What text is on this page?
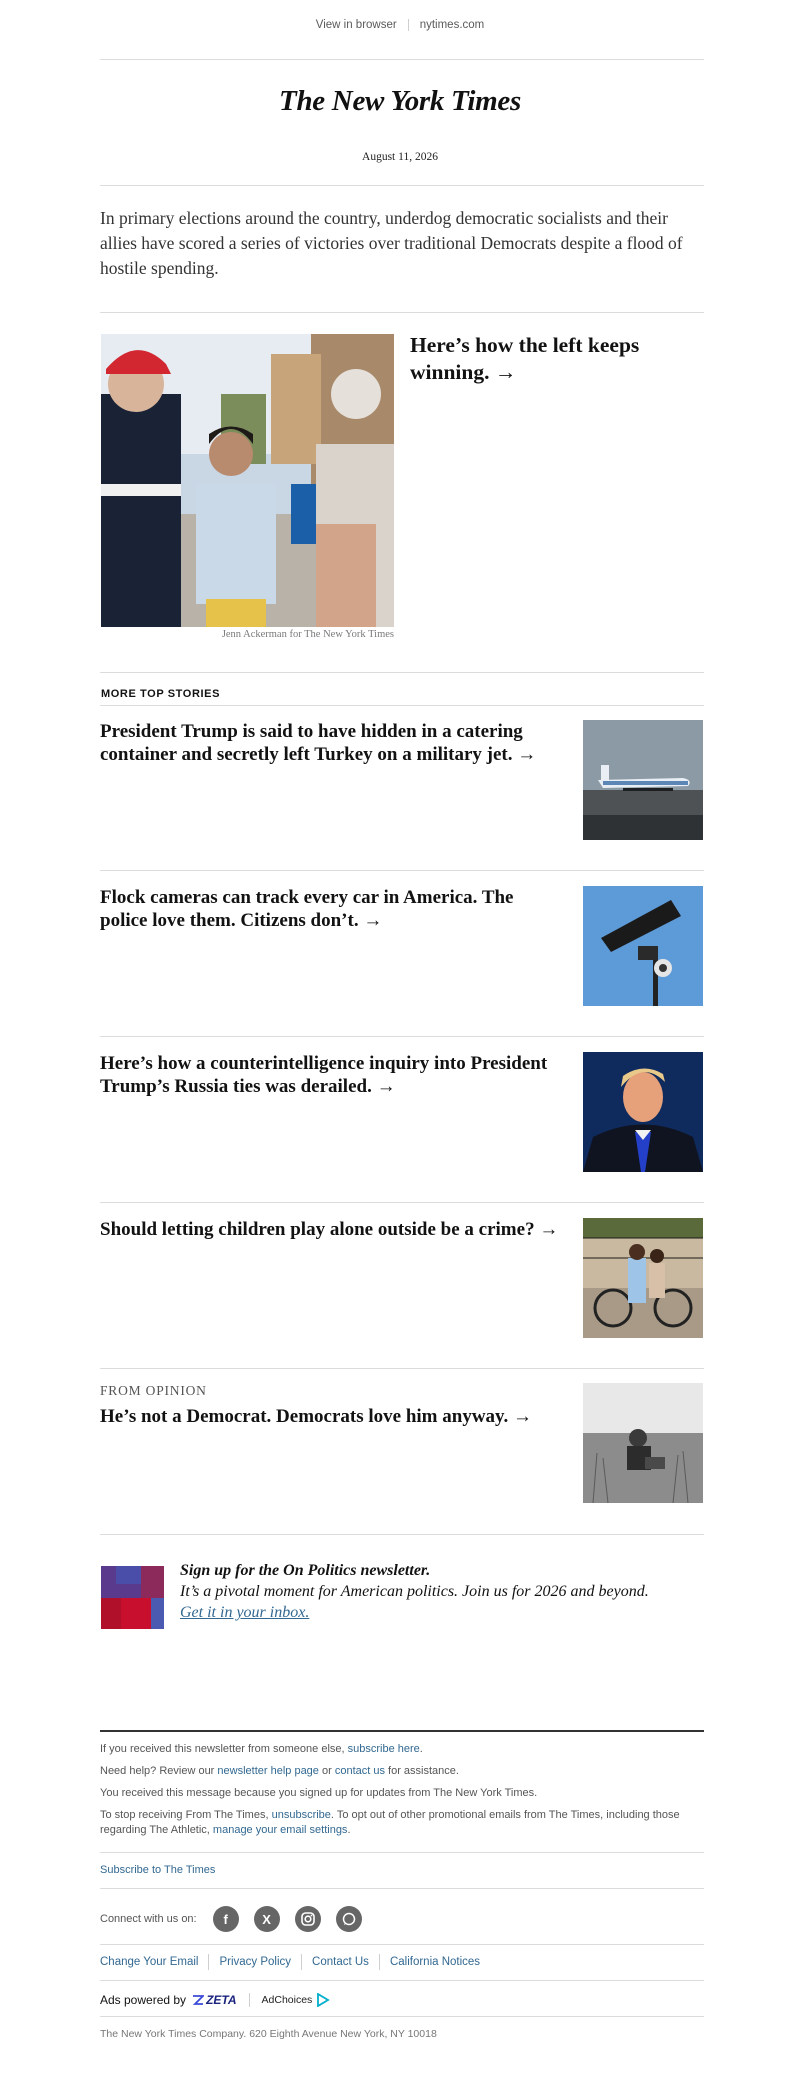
View in browser nytimes.com
The New York Times
August 11, 2026
In primary elections around the country, underdog democratic socialists and their allies have scored a series of victories over traditional Democrats despite a flood of hostile spending.
Jenn Ackerman for The New York Times
Here’s how the left keeps winning. →
MORE TOP STORIES
President Trump is said to have hidden in a catering container and secretly left Turkey on a military jet. →
Flock cameras can track every car in America. The police love them. Citizens don’t. →
Here’s how a counterintelligence inquiry into President Trump’s Russia ties was derailed. →
Should letting children play alone outside be a crime? →
FROM OPINION
He’s not a Democrat. Democrats love him anyway. →
Sign up for the On Politics newsletter.
It’s a pivotal moment for American politics. Join us for 2026 and beyond.
Get it in your inbox.
If you received this newsletter from someone else, subscribe here.
Need help? Review our newsletter help page or contact us for assistance.
You received this message because you signed up for updates from The New York Times.
To stop receiving From The Times, unsubscribe. To opt out of other promotional emails from The Times, including those regarding The Athletic, manage your email settings.
Subscribe to The Times
Connect with us on:	f	X
Change Your Email Privacy Policy Contact Us California Notices
Ads powered by ZETA AdChoices
The New York Times Company. 620 Eighth Avenue New York, NY 10018
